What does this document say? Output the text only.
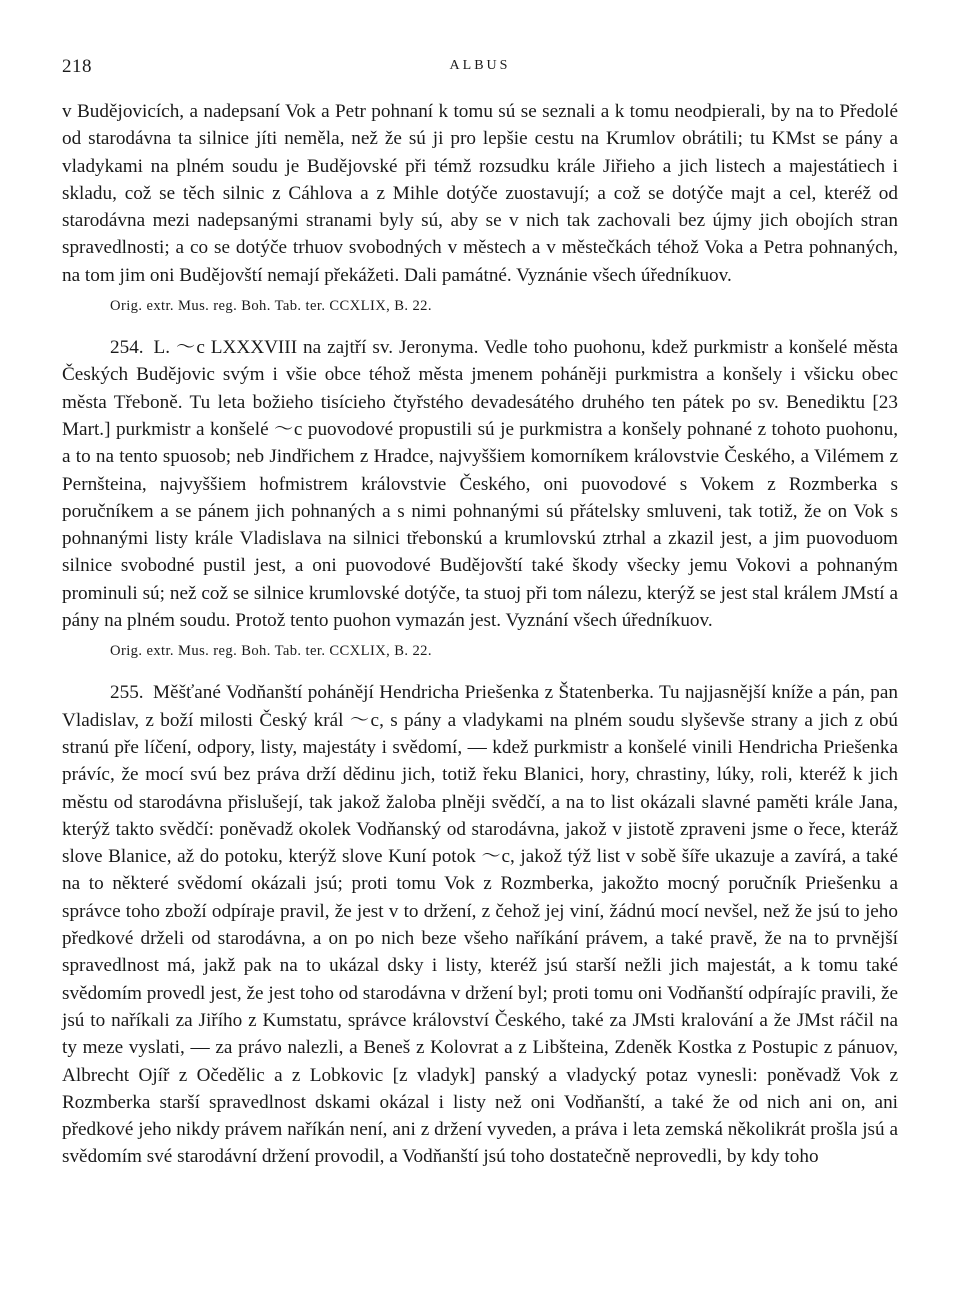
218	ALBUS

v Budějovicích, a nadepsaní Vok a Petr pohnaní k tomu sú se seznali a k tomu neodpierali, by na to Předolé od starodávna ta silnice jíti neměla, než že sú ji pro lepšie cestu na Krumlov obrátili; tu KMst se pány a vladykami na plném soudu je Budějovské při témž rozsudku krále Jiřieho a jich listech a majestátiech i skladu, což se těch silnic z Cáhlova a z Mihle dotýče zuostavují; a což se dotýče majt a cel, kteréž od starodávna mezi nadepsanými stranami byly sú, aby se v nich tak zachovali bez újmy jich obojích stran spravedlnosti; a co se dotýče trhuov svobodných v městech a v městečkách téhož Voka a Petra pohnaných, na tom jim oni Budějovští nemají překážeti. Dali památné. Vyznánie všech úředníkuov.

Orig. extr. Mus. reg. Boh. Tab. ter. CCXLIX, B. 22.

254. L. 〜c LXXXVIII na zajtří sv. Jeronyma. Vedle toho puohonu, kdež purkmistr a konšelé města Českých Budějovic svým i všie obce téhož města jmenem poháněji purkmistra a konšely i všicku obec města Třeboně. Tu leta božieho tisícieho čtyřstého devadesátého druhého ten pátek po sv. Benediktu [23 Mart.] purkmistr a konšelé 〜c puovodové propustili sú je purkmistra a konšely pohnané z tohoto puohonu, a to na tento spuosob; neb Jindřichem z Hradce, najvyššiem komorníkem královstvie Českého, a Vilémem z Pernšteina, najvyššiem hofmistrem královstvie Českého, oni puovodové s Vokem z Rozmberka s poručníkem a se pánem jich pohnaných a s nimi pohnanými sú přátelsky smluveni, tak totiž, že on Vok s pohnanými listy krále Vladislava na silnici třebonskú a krumlovskú ztrhal a zkazil jest, a jim puovoduom silnice svobodné pustil jest, a oni puovodové Budějovští také škody všecky jemu Vokovi a pohnaným prominuli sú; než což se silnice krumlovské dotýče, ta stuoj při tom nálezu, kterýž se jest stal králem JMstí a pány na plném soudu. Protož tento puohon vymazán jest. Vyznání všech úředníkuov.

Orig. extr. Mus. reg. Boh. Tab. ter. CCXLIX, B. 22.

255. Měšťané Vodňanští pohánějí Hendricha Priešenka z Štatenberka. Tu najjasnější kníže a pán, pan Vladislav, z boží milosti Český král 〜c, s pány a vladykami na plném soudu slyševše strany a jich z obú stranú pře líčení, odpory, listy, majestáty i svědomí, — kdež purkmistr a konšelé vinili Hendricha Priešenka právíc, že mocí svú bez práva drží dědinu jich, totiž řeku Blanici, hory, chrastiny, lúky, roli, kteréž k jich městu od starodávna přislušejí, tak jakož žaloba plněji svědčí, a na to list okázali slavné paměti krále Jana, kterýž takto svědčí: poněvadž okolek Vodňanský od starodávna, jakož v jistotě zpraveni jsme o řece, kteráž slove Blanice, až do potoku, kterýž slove Kuní potok 〜c, jakož týž list v sobě šíře ukazuje a zavírá, a také na to některé svědomí okázali jsú; proti tomu Vok z Rozmberka, jakožto mocný poručník Priešenku a správce toho zboží odpíraje pravil, že jest v to držení, z čehož jej viní, žádnú mocí nevšel, než že jsú to jeho předkové drželi od starodávna, a on po nich beze všeho naříkání právem, a také pravě, že na to prvnější spravedlnost má, jakž pak na to ukázal dsky i listy, kteréž jsú starší nežli jich majestát, a k tomu také svědomím provedl jest, že jest toho od starodávna v držení byl; proti tomu oni Vodňanští odpírajíc pravili, že jsú to naříkali za Jiřího z Kumstatu, správce království Českého, také za JMsti kralování a že JMst ráčil na ty meze vyslati, — za právo nalezli, a Beneš z Kolovrat a z Libšteina, Zdeněk Kostka z Postupic z pánuov, Albrecht Ojíř z Očedělic a z Lobkovic [z vladyk] panský a vladycký potaz vynesli: poněvadž Vok z Rozmberka starší spravedlnost dskami okázal i listy než oni Vodňanští, a také že od nich ani on, ani předkové jeho nikdy právem naříkán není, ani z držení vyveden, a práva i leta zemská několikrát prošla jsú a svědomím své starodávní držení provodil, a Vodňanští jsú toho dostatečně neprovedli, by kdy toho
